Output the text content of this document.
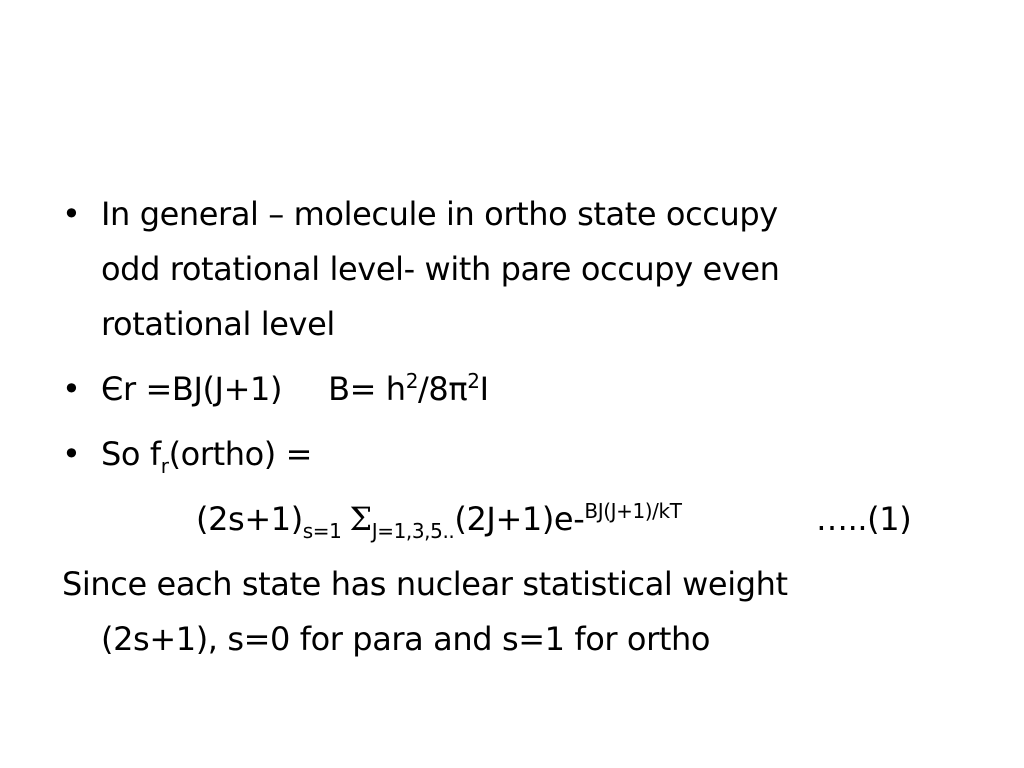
• In general – molecule in ortho state occupy
odd rotational level- with pare occupy even
rotational level
• Єr =BJ(J+1) $B= h^2/8\pi^2I$
• So $f_r(ortho)$ =
$(2s+1)_{s=1}$ $\Sigma_{J=1,3,5..}(2J+1)e-^{BJ(J+1)/kT}$	…..(1)
Since each state has nuclear statistical weight
(2s+1), s=0 for para and s=1 for ortho
